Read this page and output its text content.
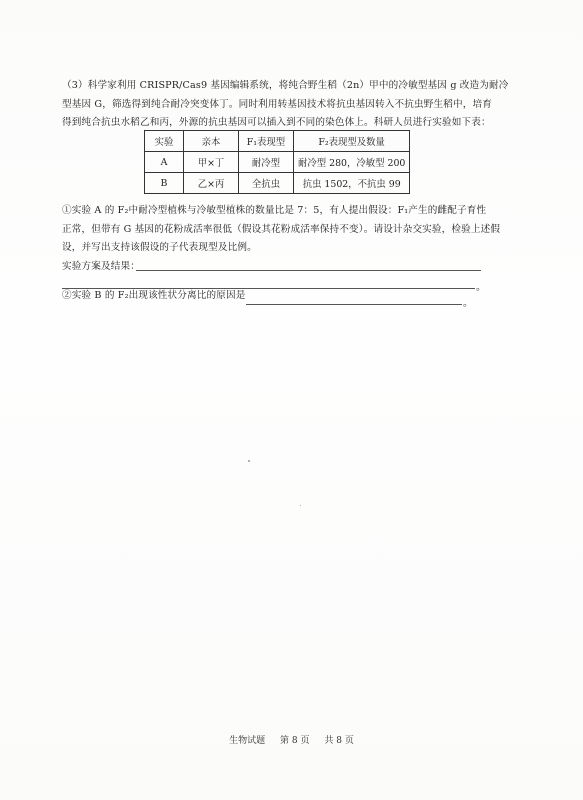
（3）科学家利用 CRISPR/Cas9 基因编辑系统，将纯合野生稻（2n）甲中的冷敏型基因 g 改造为耐冷
型基因 G，筛选得到纯合耐冷突变体丁。同时利用转基因技术将抗虫基因转入不抗虫野生稻中，培育
得到纯合抗虫水稻乙和丙，外源的抗虫基因可以插入到不同的染色体上。科研人员进行实验如下表：
实验	亲本	F₁表现型	F₂表现型及数量
A	甲×丁	耐冷型	耐冷型 280，冷敏型 200
B	乙×丙	全抗虫	抗虫 1502，不抗虫 99
①实验 A 的 F₂中耐冷型植株与冷敏型植株的数量比是 7：5，有人提出假设：F₁产生的雌配子育性
正常，但带有 G 基因的花粉成活率很低（假设其花粉成活率保持不变）。请设计杂交实验，检验上述假
设，并写出支持该假设的子代表现型及比例。
实验方案及结果：
。
②实验 B 的 F₂出现该性状分离比的原因是
。
生物试题 第 8 页 共 8 页
